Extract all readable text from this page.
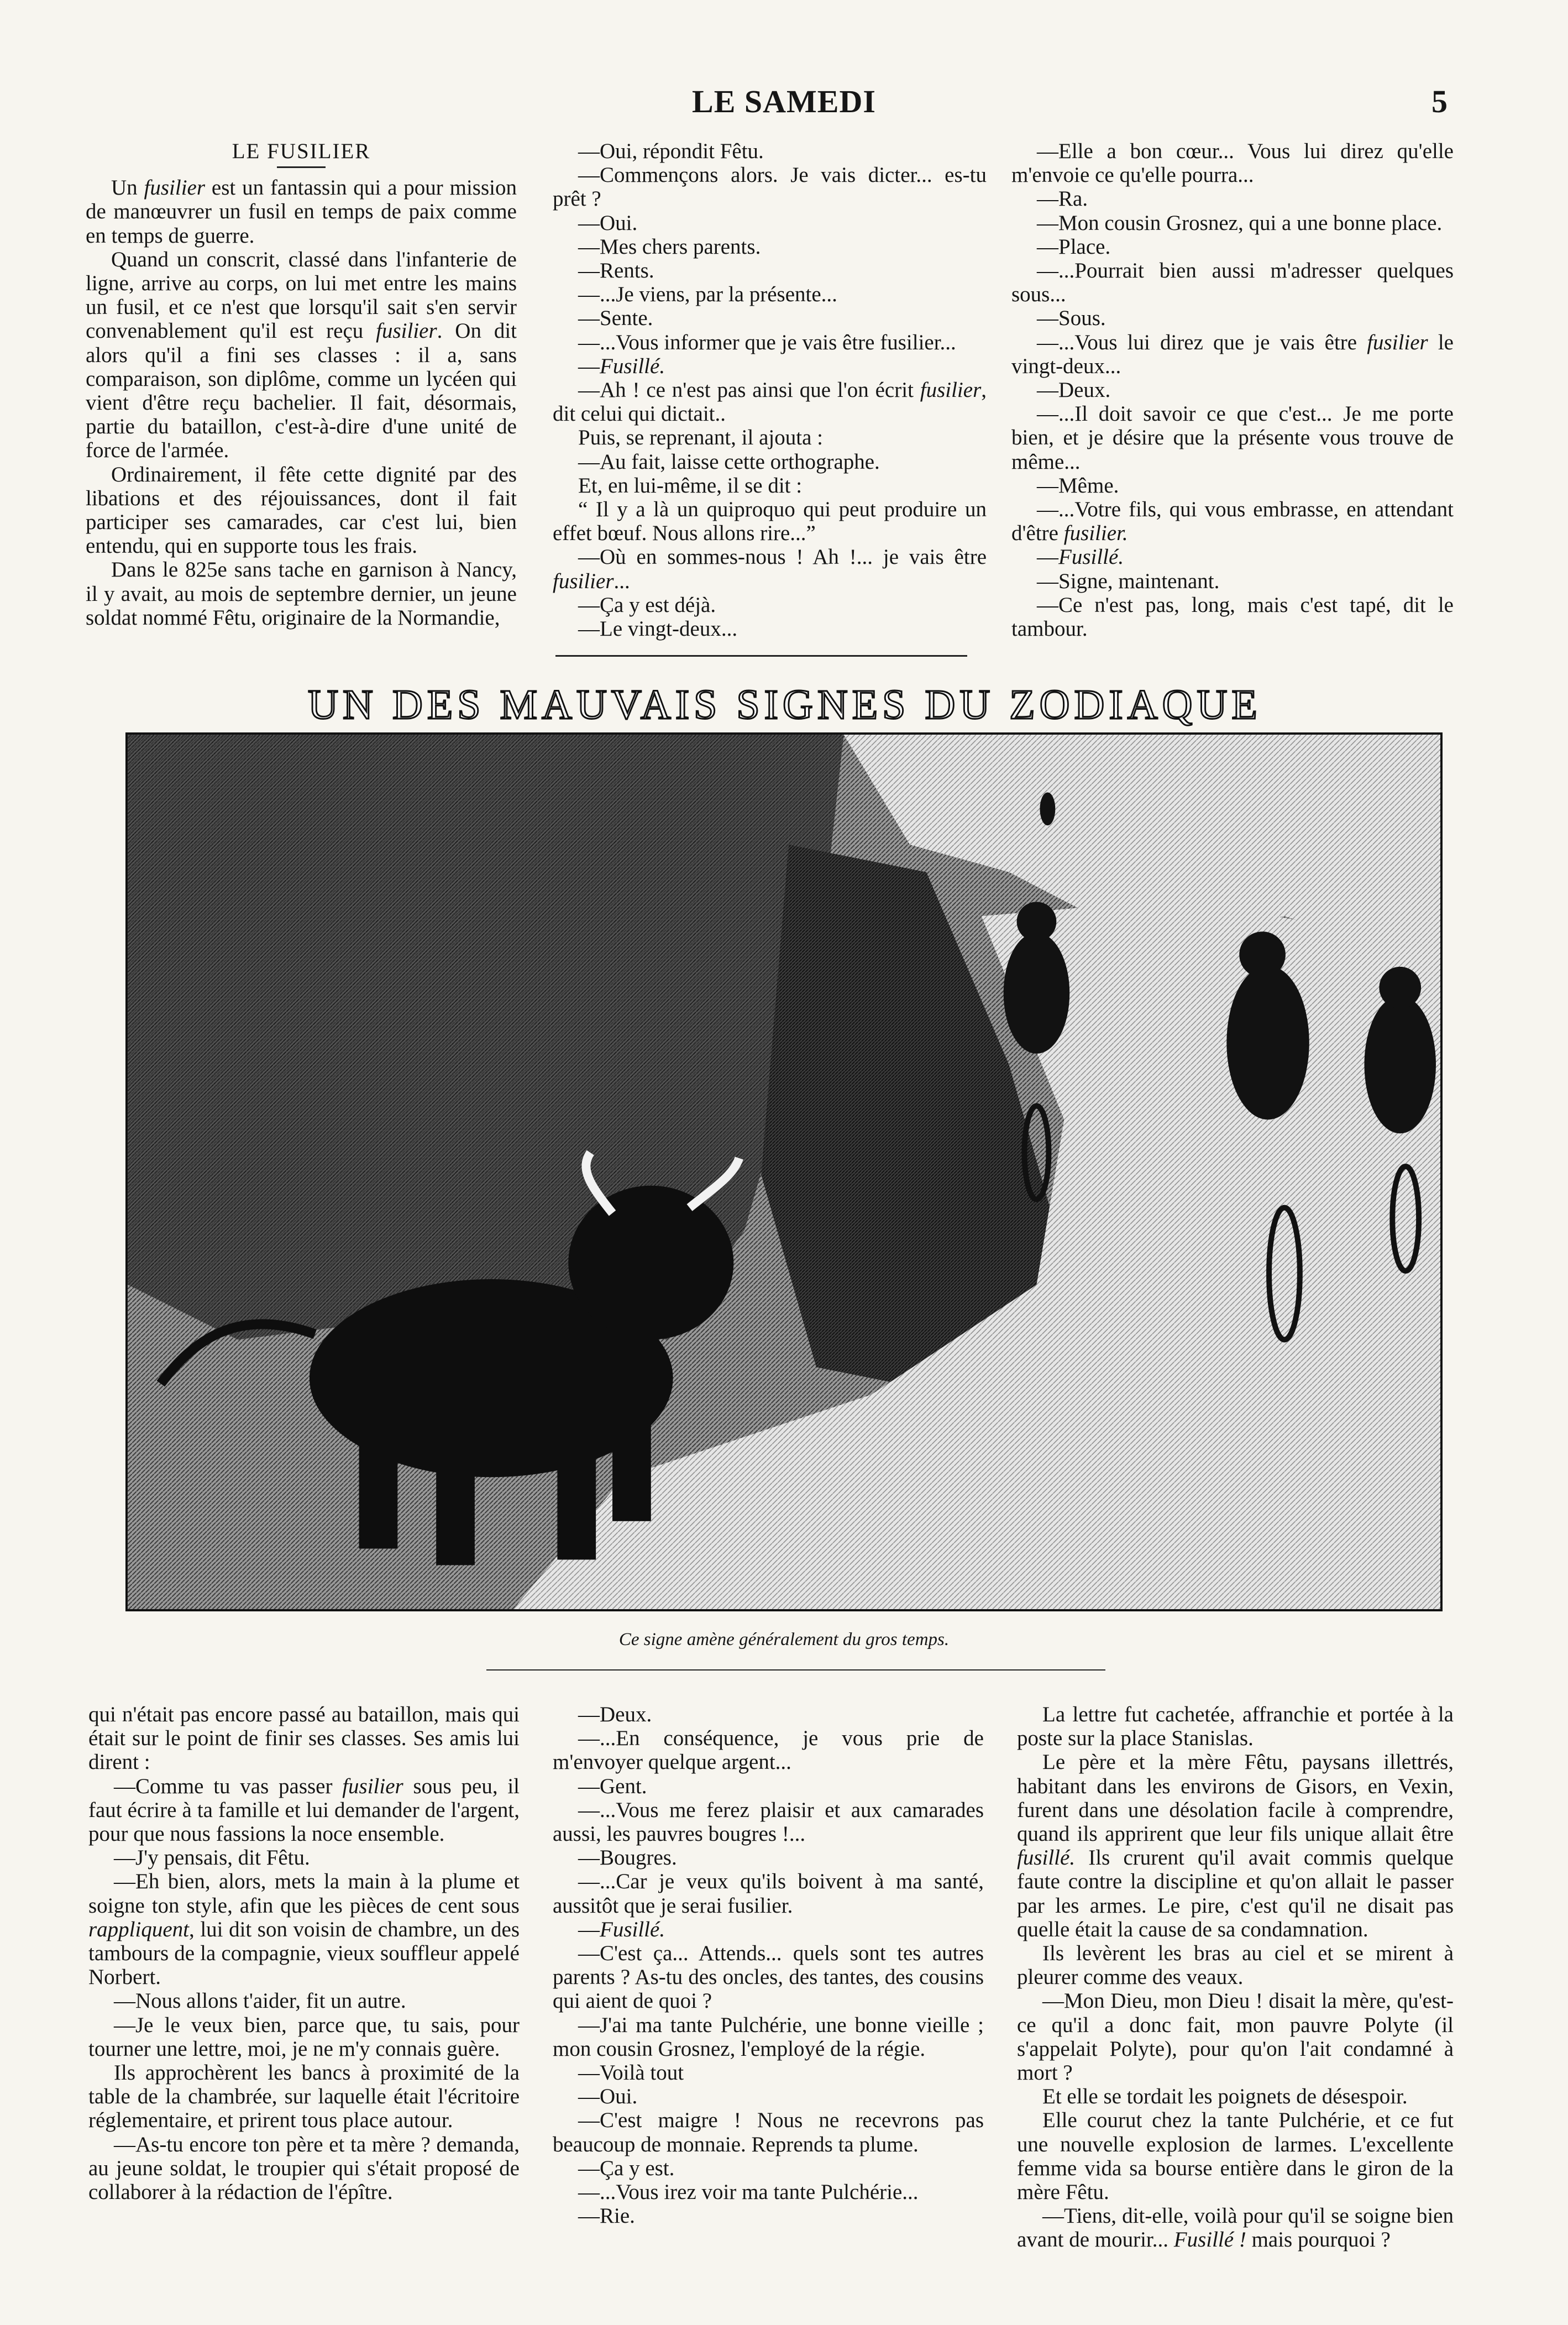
LE SAMEDI	5

LE FUSILIER

Un fusilier est un fantassin qui a pour mission de manœuvrer un fusil en temps de paix comme en temps de guerre.

Quand un conscrit, classé dans l'infanterie de ligne, arrive au corps, on lui met entre les mains un fusil, et ce n'est que lorsqu'il sait s'en servir convenablement qu'il est reçu fusilier. On dit alors qu'il a fini ses classes : il a, sans comparaison, son diplôme, comme un lycéen qui vient d'être reçu bachelier. Il fait, désormais, partie du bataillon, c'est-à-dire d'une unité de force de l'armée.

Ordinairement, il fête cette dignité par des libations et des réjouissances, dont il fait participer ses camarades, car c'est lui, bien entendu, qui en supporte tous les frais.

Dans le 825e sans tache en garnison à Nancy, il y avait, au mois de septembre dernier, un jeune soldat nommé Fêtu, originaire de la Normandie,

—Oui, répondit Fêtu.

—Commençons alors. Je vais dicter... es-tu prêt ?

—Oui.

—Mes chers parents.

—Rents.

—...Je viens, par la présente...

—Sente.

—...Vous informer que je vais être fusilier...

—Fusillé.

—Ah ! ce n'est pas ainsi que l'on écrit fusilier, dit celui qui dictait..

Puis, se reprenant, il ajouta :

—Au fait, laisse cette orthographe.

Et, en lui-même, il se dit :

“ Il y a là un quiproquo qui peut produire un effet bœuf. Nous allons rire...”

—Où en sommes-nous ! Ah !... je vais être fusilier...

—Ça y est déjà.

—Le vingt-deux...

—Elle a bon cœur... Vous lui direz qu'elle m'envoie ce qu'elle pourra...

—Ra.

—Mon cousin Grosnez, qui a une bonne place.

—Place.

—...Pourrait bien aussi m'adresser quelques sous...

—Sous.

—...Vous lui direz que je vais être fusilier le vingt-deux...

—Deux.

—...Il doit savoir ce que c'est... Je me porte bien, et je désire que la présente vous trouve de même...

—Même.

—...Votre fils, qui vous embrasse, en attendant d'être fusilier.

—Fusillé.

—Signe, maintenant.

—Ce n'est pas, long, mais c'est tapé, dit le tambour.

UN DES MAUVAIS SIGNES DU ZODIAQUE
Ce signe amène généralement du gros temps.

qui n'était pas encore passé au bataillon, mais qui était sur le point de finir ses classes. Ses amis lui dirent :

—Comme tu vas passer fusilier sous peu, il faut écrire à ta famille et lui demander de l'argent, pour que nous fassions la noce ensemble.

—J'y pensais, dit Fêtu.

—Eh bien, alors, mets la main à la plume et soigne ton style, afin que les pièces de cent sous rappliquent, lui dit son voisin de chambre, un des tambours de la compagnie, vieux souffleur appelé Norbert.

—Nous allons t'aider, fit un autre.

—Je le veux bien, parce que, tu sais, pour tourner une lettre, moi, je ne m'y connais guère.

Ils approchèrent les bancs à proximité de la table de la chambrée, sur laquelle était l'écritoire réglementaire, et prirent tous place autour.

—As-tu encore ton père et ta mère ? demanda, au jeune soldat, le troupier qui s'était proposé de collaborer à la rédaction de l'épître.

—Deux.

—...En conséquence, je vous prie de m'envoyer quelque argent...

—Gent.

—...Vous me ferez plaisir et aux camarades aussi, les pauvres bougres !...

—Bougres.

—...Car je veux qu'ils boivent à ma santé, aussitôt que je serai fusilier.

—Fusillé.

—C'est ça... Attends... quels sont tes autres parents ? As-tu des oncles, des tantes, des cousins qui aient de quoi ?

—J'ai ma tante Pulchérie, une bonne vieille ; mon cousin Grosnez, l'employé de la régie.

—Voilà tout

—Oui.

—C'est maigre ! Nous ne recevrons pas beaucoup de monnaie. Reprends ta plume.

—Ça y est.

—...Vous irez voir ma tante Pulchérie...

—Rie.

La lettre fut cachetée, affranchie et portée à la poste sur la place Stanislas.

Le père et la mère Fêtu, paysans illettrés, habitant dans les environs de Gisors, en Vexin, furent dans une désolation facile à comprendre, quand ils apprirent que leur fils unique allait être fusillé. Ils crurent qu'il avait commis quelque faute contre la discipline et qu'on allait le passer par les armes. Le pire, c'est qu'il ne disait pas quelle était la cause de sa condamnation.

Ils levèrent les bras au ciel et se mirent à pleurer comme des veaux.

—Mon Dieu, mon Dieu ! disait la mère, qu'est-ce qu'il a donc fait, mon pauvre Polyte (il s'appelait Polyte), pour qu'on l'ait condamné à mort ?

Et elle se tordait les poignets de désespoir.

Elle courut chez la tante Pulchérie, et ce fut une nouvelle explosion de larmes. L'excellente femme vida sa bourse entière dans le giron de la mère Fêtu.

—Tiens, dit-elle, voilà pour qu'il se soigne bien avant de mourir... Fusillé ! mais pourquoi ?
